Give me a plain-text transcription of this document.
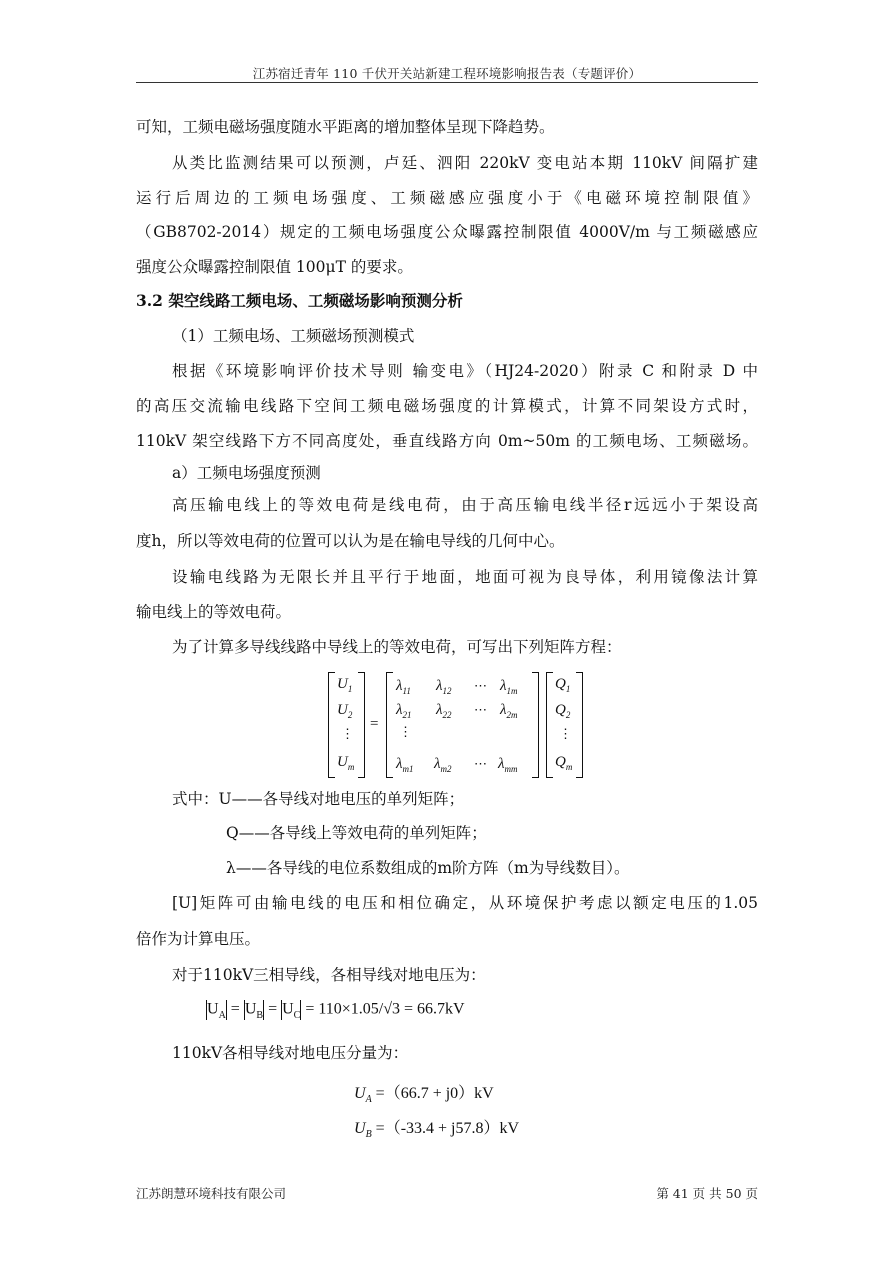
江苏宿迁青年 110 千伏开关站新建工程环境影响报告表（专题评价）
可知，工频电磁场强度随水平距离的增加整体呈现下降趋势。
从类比监测结果可以预测，卢廷、泗阳 220kV 变电站本期 110kV 间隔扩建
运行后周边的工频电场强度、工频磁感应强度小于《电磁环境控制限值》
（GB8702-2014）规定的工频电场强度公众曝露控制限值 4000V/m 与工频磁感应
强度公众曝露控制限值 100μT 的要求。
3.2 架空线路工频电场、工频磁场影响预测分析
（1）工频电场、工频磁场预测模式
根据《环境影响评价技术导则 输变电》（HJ24-2020）附录 C 和附录 D 中
的高压交流输电线路下空间工频电磁场强度的计算模式，计算不同架设方式时，
110kV 架空线路下方不同高度处，垂直线路方向 0m~50m 的工频电场、工频磁场。
a）工频电场强度预测
高压输电线上的等效电荷是线电荷，由于高压输电线半径r远远小于架设高
度h，所以等效电荷的位置可以认为是在输电导线的几何中心。
设输电线路为无限长并且平行于地面，地面可视为良导体，利用镜像法计算
输电线上的等效电荷。
为了计算多导线线路中导线上的等效电荷，可写出下列矩阵方程：
$U_1$
$U_2$
⋮
$U_m$
=
$\lambda_{11}$ $\lambda_{12}$ ⋯ $\lambda_{1m}$
$\lambda_{21}$ $\lambda_{22}$ ⋯ $\lambda_{2m}$
⋮
$\lambda_{m1}$ $\lambda_{m2}$ ⋯ $\lambda_{mm}$
$Q_1$
$Q_2$
⋮
$Q_m$
式中：U——各导线对地电压的单列矩阵；
Q——各导线上等效电荷的单列矩阵；
λ——各导线的电位系数组成的m阶方阵（m为导线数目）。
[U]矩阵可由输电线的电压和相位确定，从环境保护考虑以额定电压的1.05
倍作为计算电压。
对于110kV三相导线，各相导线对地电压为：
$U_A = U_B = U_C = 110\times 1.05/√3 = 66.7kV$
110kV各相导线对地电压分量为：
$U_A =(66.7 + j0)kV$
$U_B =(-33.4 + j57.8)kV$
江苏朗慧环境科技有限公司	第 41 页 共 50 页
